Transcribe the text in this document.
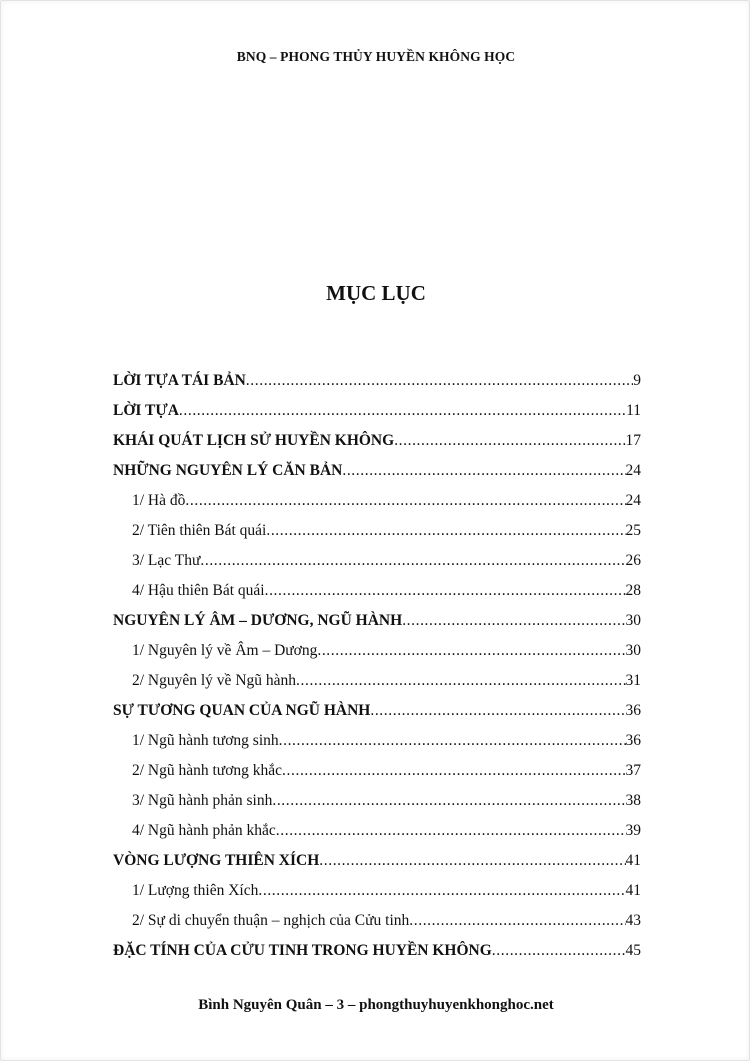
BNQ – PHONG THỦY HUYỀN KHÔNG HỌC
MỤC LỤC
LỜI TỰA TÁI BẢN .....	9
LỜI TỰA .....	11
KHÁI QUÁT LỊCH SỬ HUYỀN KHÔNG .....	17
NHỮNG NGUYÊN LÝ CĂN BẢN .....	24
1/ Hà đồ .....	24
2/ Tiên thiên Bát quái .....	25
3/ Lạc Thư .....	26
4/ Hậu thiên Bát quái .....	28
NGUYÊN LÝ ÂM – DƯƠNG, NGŨ HÀNH .....	30
1/ Nguyên lý về Âm – Dương .....	30
2/ Nguyên lý về Ngũ hành .....	31
SỰ TƯƠNG QUAN CỦA NGŨ HÀNH .....	36
1/ Ngũ hành tương sinh .....	36
2/ Ngũ hành tương khắc .....	37
3/ Ngũ hành phản sinh .....	38
4/ Ngũ hành phản khắc .....	39
VÒNG LƯỢNG THIÊN XÍCH .....	41
1/ Lượng thiên Xích .....	41
2/ Sự di chuyển thuận – nghịch của Cửu tinh .....	43
ĐẶC TÍNH CỦA CỬU TINH TRONG HUYỀN KHÔNG .....	45
Bình Nguyên Quân – 3 – phongthuyhuyenkhonghoc.net
